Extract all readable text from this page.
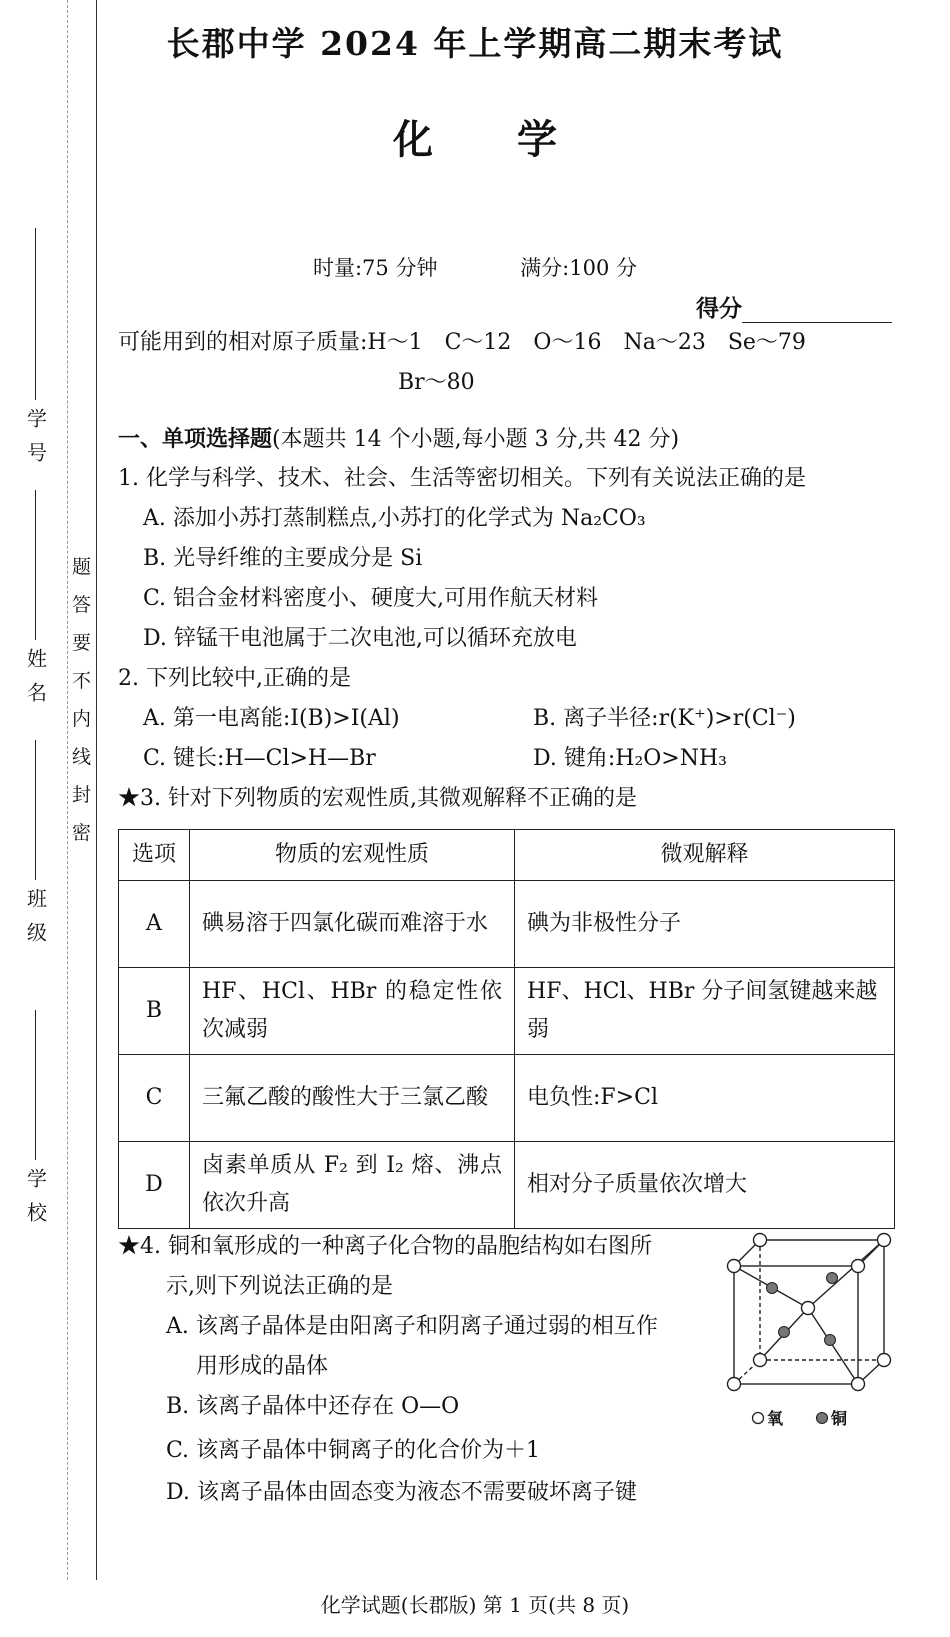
学号
姓名
班级
学校
题
答
要
不
内
线
封
密
长郡中学 2024 年上学期高二期末考试
化 学
时量:75 分钟	满分:100 分
得分
可能用到的相对原子质量:H～1　C～12　O～16　Na～23　Se～79
Br～80
一、单项选择题(本题共 14 个小题,每小题 3 分,共 42 分)
1. 化学与科学、技术、社会、生活等密切相关。下列有关说法正确的是
A. 添加小苏打蒸制糕点,小苏打的化学式为 Na₂CO₃
B. 光导纤维的主要成分是 Si
C. 铝合金材料密度小、硬度大,可用作航天材料
D. 锌锰干电池属于二次电池,可以循环充放电
2. 下列比较中,正确的是
A. 第一电离能:I(B)>I(Al)	B. 离子半径:r(K⁺)>r(Cl⁻)
C. 键长:H—Cl>H—Br	D. 键角:H₂O>NH₃
★3. 针对下列物质的宏观性质,其微观解释不正确的是
选项	物质的宏观性质	微观解释
A	碘易溶于四氯化碳而难溶于水	碘为非极性分子
B	HF、HCl、HBr 的稳定性依次减弱	HF、HCl、HBr 分子间氢键越来越弱
C	三氟乙酸的酸性大于三氯乙酸	电负性:F>Cl
D	卤素单质从 F₂ 到 I₂ 熔、沸点依次升高	相对分子质量依次增大
★4. 铜和氧形成的一种离子化合物的晶胞结构如右图所
示,则下列说法正确的是
A. 该离子晶体是由阳离子和阴离子通过弱的相互作
用形成的晶体
B. 该离子晶体中还存在 O—O
C. 该离子晶体中铜离子的化合价为＋1
D. 该离子晶体由固态变为液态不需要破坏离子键
氧	铜
化学试题(长郡版) 第 1 页(共 8 页)
